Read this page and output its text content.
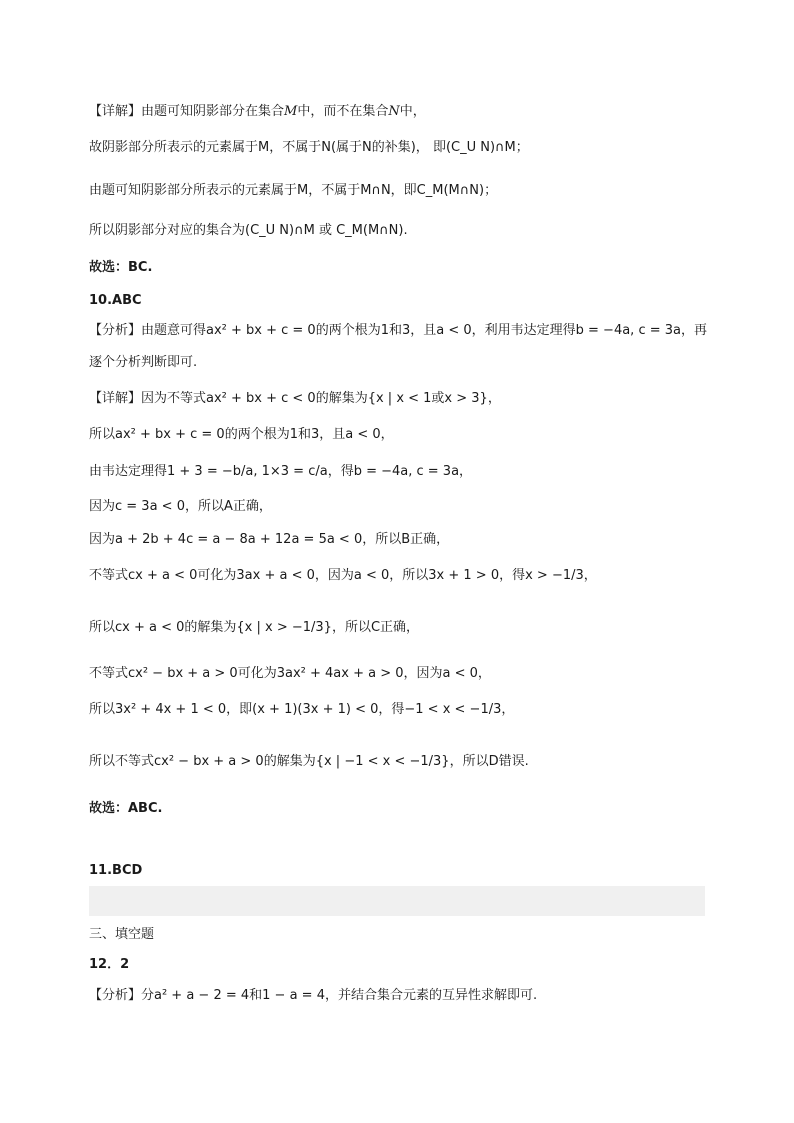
【详解】由题可知阴影部分在集合M中，而不在集合N中，
故阴影部分所表示的元素属于M，不属于N(属于N的补集)， 即(C_U N)∩M；
由题可知阴影部分所表示的元素属于M，不属于M∩N，即C_M(M∩N)；
所以阴影部分对应的集合为(C_U N)∩M 或 C_M(M∩N).
故选：BC.
10.ABC
【分析】由题意可得ax² + bx + c = 0的两个根为1和3，且a < 0，利用韦达定理得b = −4a, c = 3a，再
逐个分析判断即可.
【详解】因为不等式ax² + bx + c < 0的解集为{x | x < 1或x > 3}，
所以ax² + bx + c = 0的两个根为1和3，且a < 0，
由韦达定理得1 + 3 = −b/a, 1×3 = c/a，得b = −4a, c = 3a，
因为c = 3a < 0，所以A正确，
因为a + 2b + 4c = a − 8a + 12a = 5a < 0，所以B正确，
不等式cx + a < 0可化为3ax + a < 0，因为a < 0，所以3x + 1 > 0，得x > −1/3，
所以cx + a < 0的解集为{x | x > −1/3}，所以C正确，
不等式cx² − bx + a > 0可化为3ax² + 4ax + a > 0，因为a < 0，
所以3x² + 4x + 1 < 0，即(x + 1)(3x + 1) < 0，得−1 < x < −1/3，
所以不等式cx² − bx + a > 0的解集为{x | −1 < x < −1/3}，所以D错误.
故选：ABC.
11.BCD
三、填空题
12．2
【分析】分a² + a − 2 = 4和1 − a = 4，并结合集合元素的互异性求解即可.
